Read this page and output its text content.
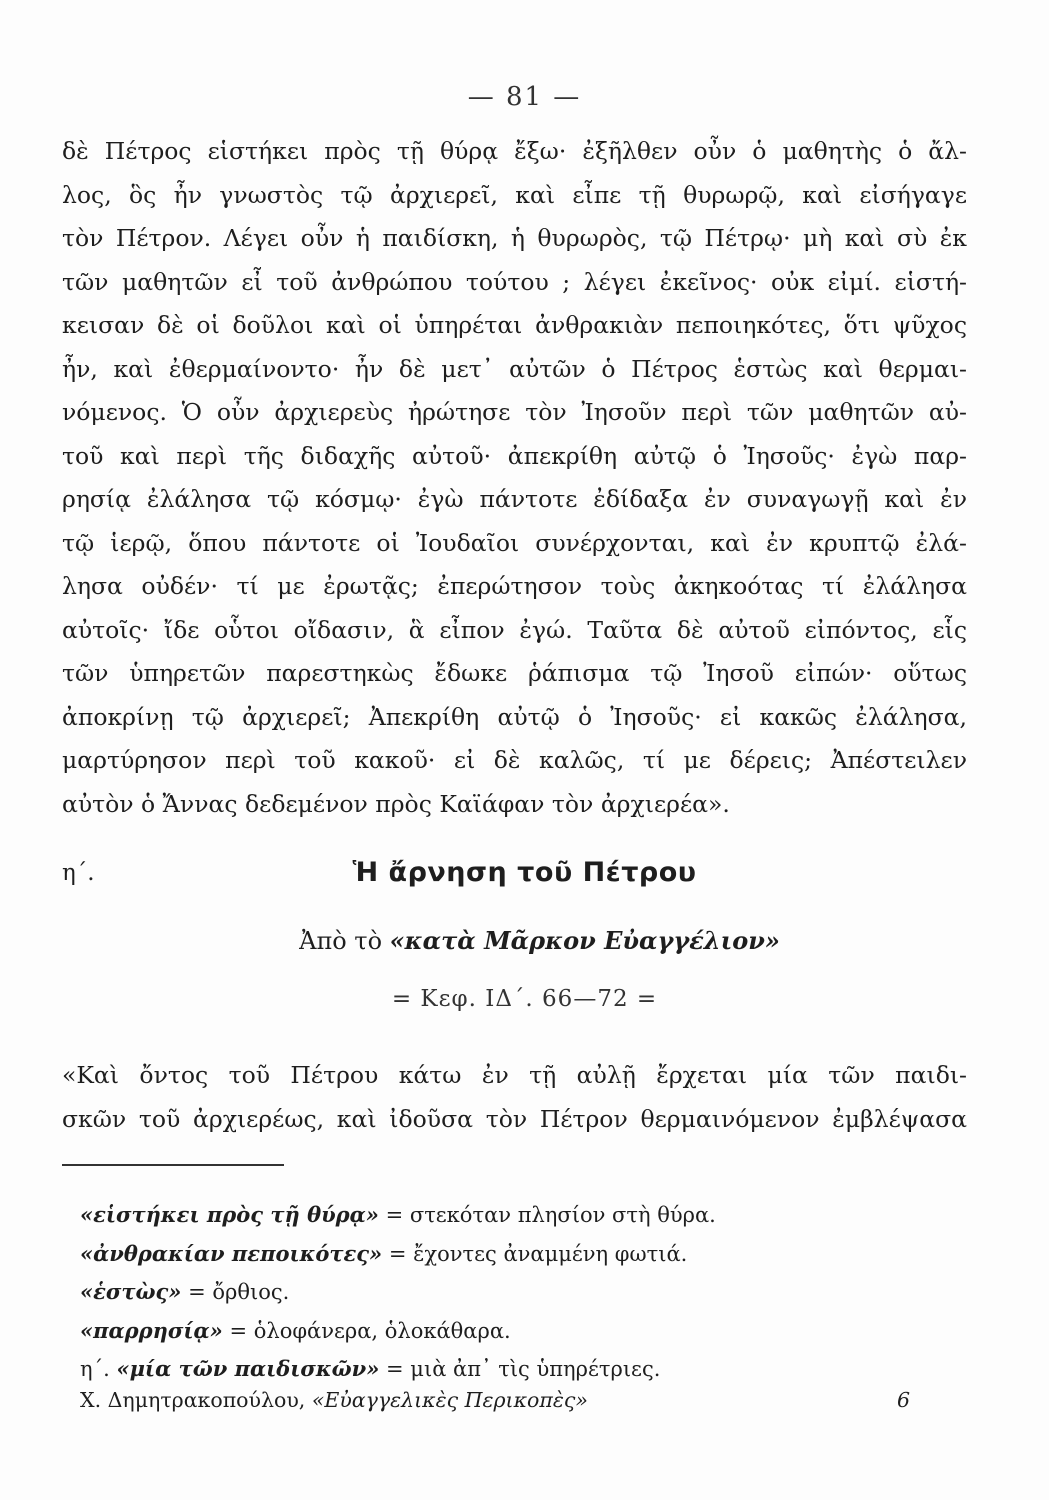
— 81 —
δὲ Πέτρος εἱστήκει πρὸς τῇ θύρᾳ ἔξω· ἐξῆλθεν οὖν ὁ μαθητὴς ὁ ἄλ-
λος, ὃς ἦν γνωστὸς τῷ ἀρχιερεῖ, καὶ εἶπε τῇ θυρωρῷ, καὶ εἰσήγαγε
τὸν Πέτρον. Λέγει οὖν ἡ παιδίσκη, ἡ θυρωρὸς, τῷ Πέτρῳ· μὴ καὶ σὺ ἐκ
τῶν μαθητῶν εἶ τοῦ ἀνθρώπου τούτου ; λέγει ἐκεῖνος· οὐκ εἰμί. εἱστή-
κεισαν δὲ οἱ δοῦλοι καὶ οἱ ὑπηρέται ἀνθρακιὰν πεποιηκότες, ὅτι ψῦχος
ἦν, καὶ ἐθερμαίνοντο· ἦν δὲ μετ᾽ αὐτῶν ὁ Πέτρος ἑστὼς καὶ θερμαι-
νόμενος. Ὁ οὖν ἀρχιερεὺς ἠρώτησε τὸν Ἰησοῦν περὶ τῶν μαθητῶν αὐ-
τοῦ καὶ περὶ τῆς διδαχῆς αὐτοῦ· ἀπεκρίθη αὐτῷ ὁ Ἰησοῦς· ἐγὼ παρ-
ρησίᾳ ἐλάλησα τῷ κόσμῳ· ἐγὼ πάντοτε ἐδίδαξα ἐν συναγωγῇ καὶ ἐν
τῷ ἱερῷ, ὅπου πάντοτε οἱ Ἰουδαῖοι συνέρχονται, καὶ ἐν κρυπτῷ ἐλά-
λησα οὐδέν· τί με ἐρωτᾷς; ἐπερώτησον τοὺς ἀκηκοότας τί ἐλάλησα
αὐτοῖς· ἴδε οὗτοι οἴδασιν, ἃ εἶπον ἐγώ. Ταῦτα δὲ αὐτοῦ εἰπόντος, εἷς
τῶν ὑπηρετῶν παρεστηκὼς ἔδωκε ῥάπισμα τῷ Ἰησοῦ εἰπών· οὕτως
ἀποκρίνῃ τῷ ἀρχιερεῖ; Ἀπεκρίθη αὐτῷ ὁ Ἰησοῦς· εἰ κακῶς ἐλάλησα,
μαρτύρησον περὶ τοῦ κακοῦ· εἰ δὲ καλῶς, τί με δέρεις; Ἀπέστειλεν
αὐτὸν ὁ Ἄννας δεδεμένον πρὸς Καϊάφαν τὸν ἀρχιερέα».
η΄.	Ἡ ἄρνηση τοῦ Πέτρου
Ἀπὸ τὸ «κατὰ Μᾶρκον Εὐαγγέλιον»
= Κεφ. ΙΔ΄. 66—72 =
«Καὶ ὄντος τοῦ Πέτρου κάτω ἐν τῇ αὐλῇ ἔρχεται μία τῶν παιδι-
σκῶν τοῦ ἀρχιερέως, καὶ ἰδοῦσα τὸν Πέτρον θερμαινόμενον ἐμβλέψασα
«εἱστήκει πρὸς τῇ θύρᾳ» = στεκόταν πλησίον στὴ θύρα.
«ἀνθρακίαν πεποικότες» = ἔχοντες ἀναμμένη φωτιά.
«ἑστὼς» = ὄρθιος.
«παρρησίᾳ» = ὁλοφάνερα, ὁλοκάθαρα.
η΄. «μία τῶν παιδισκῶν» = μιὰ ἀπ᾽ τὶς ὑπηρέτριες.
Χ. Δημητρακοπούλου, «Εὐαγγελικὲς Περικοπὲς»	6
